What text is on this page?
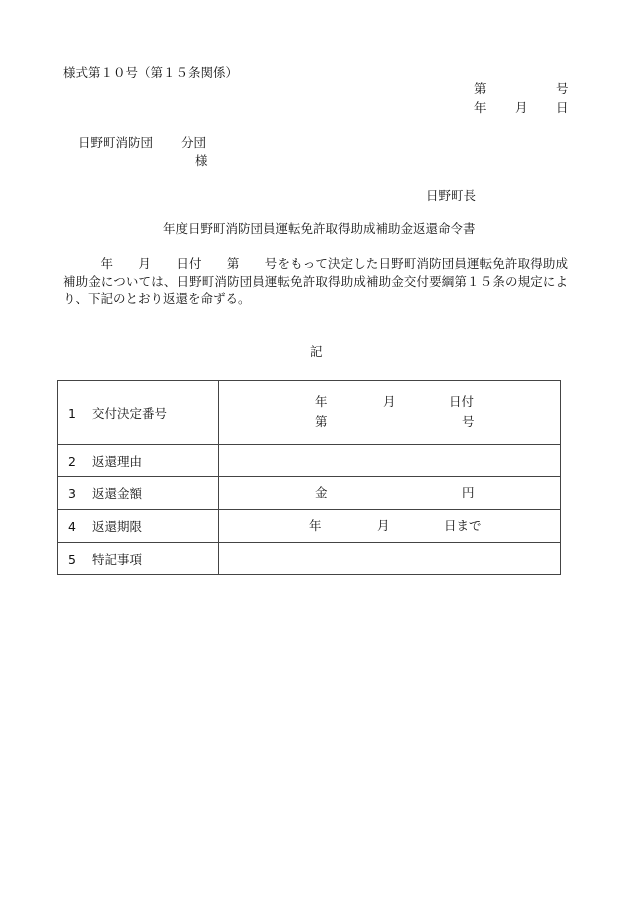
様式第１０号（第１５条関係）
第	号
年 月 日
日野町消防団 分団
様
日野町長
年度日野町消防団員運転免許取得助成補助金返還命令書

年　　月　　日付　　第　　号をもって決定した日野町消防団員運転免許取得助成補助金については、日野町消防団員運転免許取得助成補助金交付要綱第１５条の規定により、下記のとおり返還を命ずる。

記
1 交付決定番号	年 月 日付
第 号

2 返還理由	
3 返還金額	金 円

4 返還期限	年 月 日まで

5 特記事項	
